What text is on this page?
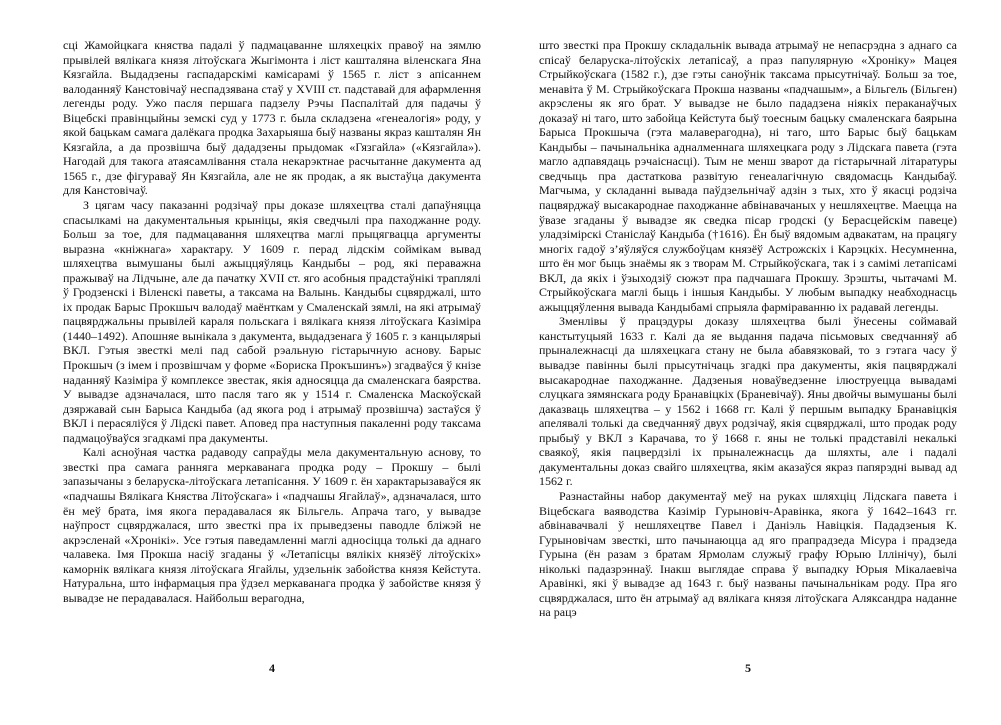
сці Жамойцкага княства падалі ў падмацаванне шляхецкіх правоў на зямлю прывілей вялікага князя літоўскага Жыгімонта і ліст кашталяна віленскага Яна Кязгайла. Выдадзены гаспадарскімі камісарамі ў 1565 г. ліст з апісаннем валоданняў Канстовічаў неспадзявана стаў у XVIII ст. падставай для афармлення легенды роду. Ужо пасля першага падзелу Рэчы Паспалітай для падачы ў Віцебскі правінцыйны земскі суд у 1773 г. была складзена «генеалогія» роду, у якой бацькам самага далёкага продка Захарыяша быў названы якраз кашталян Ян Кязгайла, а да прозвішча быў дададзены прыдомак «Гязгайла» («Кязгайла»). Нагодай для такога атаясамлівання стала некарэктнае расчытанне дакумента ад 1565 г., дзе фігураваў Ян Кязгайла, але не як продак, а як выстаўца дакумента для Канстовічаў.

З цягам часу паказанні родзічаў пры доказе шляхецтва сталі дапаўняцца спасылкамі на дакументальныя крыніцы, якія сведчылі пра паходжанне роду. Больш за тое, для падмацавання шляхецтва маглі прыцягвацца аргументы выразна «кніжнага» характару. У 1609 г. перад лідскім соймікам вывад шляхецтва вымушаны былі ажыццяўляць Кандыбы – род, які пераважна пражываў на Лідчыне, але да пачатку XVII ст. яго асобныя прадстаўнікі траплялі ў Гродзенскі і Віленскі паветы, а таксама на Валынь. Кандыбы сцвярджалі, што іх продак Барыс Прокшыч валодаў маёнткам у Смаленскай зямлі, на які атрымаў пацвярджальны прывілей караля польскага і вялікага князя літоўскага Казіміра (1440–1492). Апошняе вынікала з дакумента, выдадзенага ў 1605 г. з канцылярыі ВКЛ. Гэтыя звесткі мелі пад сабой рэальную гістарычную аснову. Барыс Прокшыч (з імем і прозвішчам у форме «Бориска Прокъшинъ») згадваўся ў кнізе наданняў Казіміра ў комплексе звестак, якія адносяцца да смаленскага баярства. У вывадзе адзначалася, што пасля таго як у 1514 г. Смаленска Маскоўскай дзяржавай сын Барыса Кандыба (ад якога род і атрымаў прозвішча) застаўся ў ВКЛ і перасяліўся ў Лідскі павет. Аповед пра наступныя пакаленні роду таксама падмацоўваўся згадкамі пра дакументы.

Калі асноўная частка радаводу сапраўды мела дакументальную аснову, то звесткі пра самага ранняга меркаванага продка роду – Прокшу – былі запазычаны з беларуска-літоўскага летапісання. У 1609 г. ён характарызаваўся як «падчашы Вялікага Княства Літоўскага» і «падчашы Ягайлаў», адзначалася, што ён меў брата, імя якога перадавалася як Більгель. Апрача таго, у вывадзе наўпрост сцвярджалася, што звесткі пра іх прыведзены паводле бліжэй не акрэсленай «Хронікі». Усе гэтыя паведамленні маглі адносіцца толькі да аднаго чалавека. Імя Прокша насіў згаданы ў «Летапісцы вялікіх князёў літоўскіх» каморнік вялікага князя літоўскага Ягайлы, удзельнік забойства князя Кейстута. Натуральна, што інфармацыя пра ўдзел меркаванага продка ў забойстве князя ў вывадзе не перадавалася. Найбольш верагодна,

4

што звесткі пра Прокшу складальнік вывада атрымаў не непасрэдна з аднаго са спісаў беларуска-літоўскіх летапісаў, а праз папулярную «Хроніку» Мацея Стрыйкоўскага (1582 г.), дзе гэты саноўнік таксама прысутнічаў. Больш за тое, менавіта ў М. Стрыйкоўскага Прокша названы «падчашым», а Більгель (Більген) акрэслены як яго брат. У вывадзе не было пададзена ніякіх пераканаўчых доказаў ні таго, што забойца Кейстута быў тоесным бацьку смаленскага баярына Барыса Прокшыча (гэта малаверагодна), ні таго, што Барыс быў бацькам Кандыбы – пачынальніка адналменнага шляхецкага роду з Лідскага павета (гэта магло адпавядаць рэчаіснасці). Тым не менш зварот да гістарычнай літаратуры сведчыць пра дастаткова развітую генеалагічную свядомасць Кандыбаў. Магчыма, у складанні вывада паўдзельнічаў адзін з тых, хто ў якасці родзіча пацвярджаў высакароднае паходжанне абвінавачаных у нешляхецтве. Маецца на ўвазе згаданы ў вывадзе як сведка пісар гродскі (у Берасцейскім павеце) уладзімірскі Станіслаў Кандыба (†1616). Ён быў вядомым адвакатам, на працягу многіх гадоў з’яўляўся службоўцам князёў Астрожскіх і Карэцкіх. Несумненна, што ён мог быць знаёмы як з творам М. Стрыйкоўскага, так і з самімі летапісамі ВКЛ, да якіх і ўзыходзіў сюжэт пра падчашага Прокшу. Зрэшты, чытачамі М. Стрыйкоўскага маглі быць і іншыя Кандыбы. У любым выпадку неабходнасць ажыццяўлення вывада Кандыбамі спрыяла фарміраванню іх радавай легенды.

Зменлівы ў працэдуры доказу шляхецтва былі ўнесены соймавай канстытуцыяй 1633 г. Калі да яе выдання падача пісьмовых сведчанняў аб прыналежнасці да шляхецкага стану не была абавязковай, то з гэтага часу ў вывадзе павінны былі прысутнічаць згадкі пра дакументы, якія пацвярджалі высакароднае паходжанне. Дадзеныя новаўведзенне ілюструецца вывадамі слуцкага зямянскага роду Бранавіцкіх (Браневічаў). Яны двойчы вымушаны былі даказваць шляхецтва – у 1562 і 1668 гг. Калі ў першым выпадку Бранавіцкія апелявалі толькі да сведчанняў двух родзічаў, якія сцвярджалі, што продак роду прыбыў у ВКЛ з Карачава, то ў 1668 г. яны не толькі прадставілі некалькі сваякоў, якія пацвердзілі іх прыналежнасць да шляхты, але і падалі дакументальны доказ свайго шляхецтва, якім аказаўся якраз папярэдні вывад ад 1562 г.

Разнастайны набор дакументаў меў на руках шляхціц Лідскага павета і Віцебскага ваяводства Казімір Гурыновіч-Аравінка, якога ў 1642–1643 гг. абвінавачвалі ў нешляхецтве Павел і Даніэль Навіцкія. Пададзеныя К. Гурыновічам звесткі, што пачынаюцца ад яго прапрадзеда Місура і прадзеда Гурына (ён разам з братам Ярмолам служыў графу Юрыю Іллінічу), былі ніколькі падазрэннаў. Інакш выглядае справа ў выпадку Юрыя Мікалаевіча Аравінкі, які ў вывадзе ад 1643 г. быў названы пачынальнікам роду. Пра яго сцвярджалася, што ён атрымаў ад вялікага князя літоўскага Аляксандра наданне на рацэ

5
